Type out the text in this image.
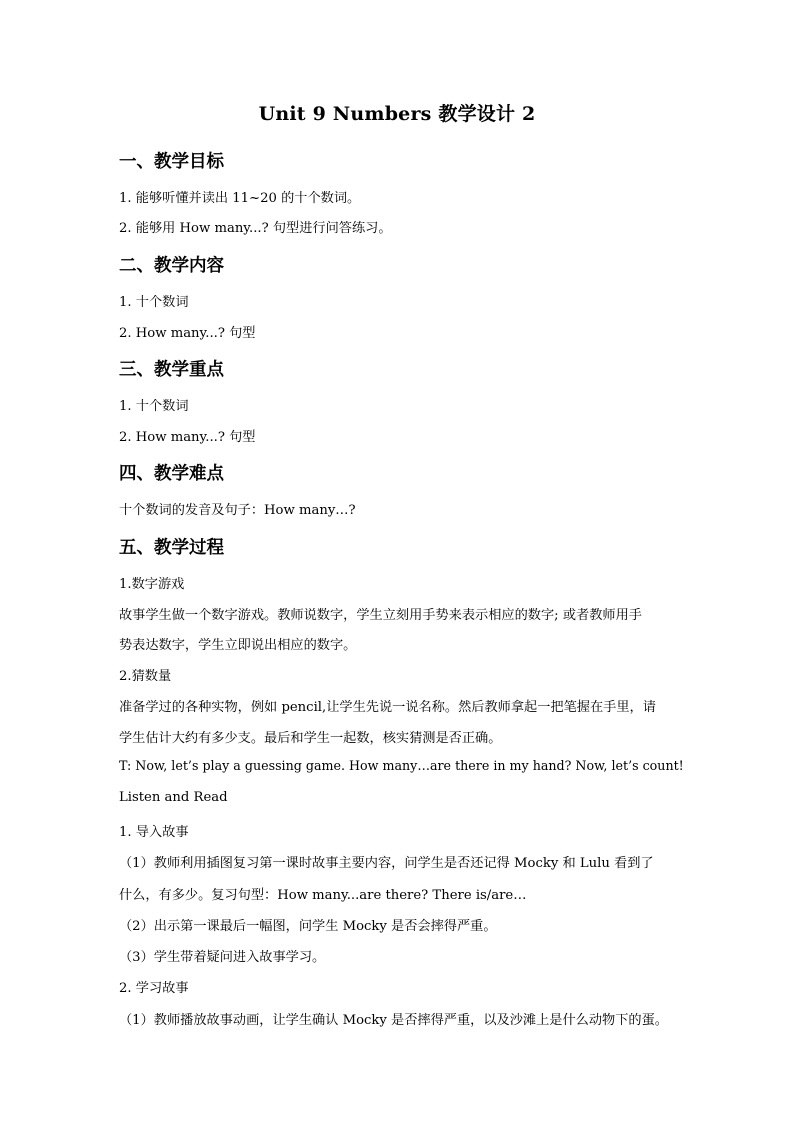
Unit 9 Numbers 教学设计 2
一、教学目标
1. 能够听懂并读出 11~20 的十个数词。
2. 能够用 How many...? 句型进行问答练习。
二、教学内容
1. 十个数词
2. How many...? 句型
三、教学重点
1. 十个数词
2. How many...? 句型
四、教学难点
十个数词的发音及句子：How many…?
五、教学过程
1.数字游戏
故事学生做一个数字游戏。教师说数字，学生立刻用手势来表示相应的数字; 或者教师用手
势表达数字，学生立即说出相应的数字。
2.猜数量
准备学过的各种实物，例如 pencil,让学生先说一说名称。然后教师拿起一把笔握在手里，请
学生估计大约有多少支。最后和学生一起数，核实猜测是否正确。
T: Now, let’s play a guessing game. How many…are there in my hand? Now, let’s count!
Listen and Read
1. 导入故事
（1）教师利用插图复习第一课时故事主要内容，问学生是否还记得 Mocky 和 Lulu 看到了
什么，有多少。复习句型：How many...are there? There is/are…
（2）出示第一课最后一幅图，问学生 Mocky 是否会摔得严重。
（3）学生带着疑问进入故事学习。
2. 学习故事
（1）教师播放故事动画，让学生确认 Mocky 是否摔得严重，以及沙滩上是什么动物下的蛋。
